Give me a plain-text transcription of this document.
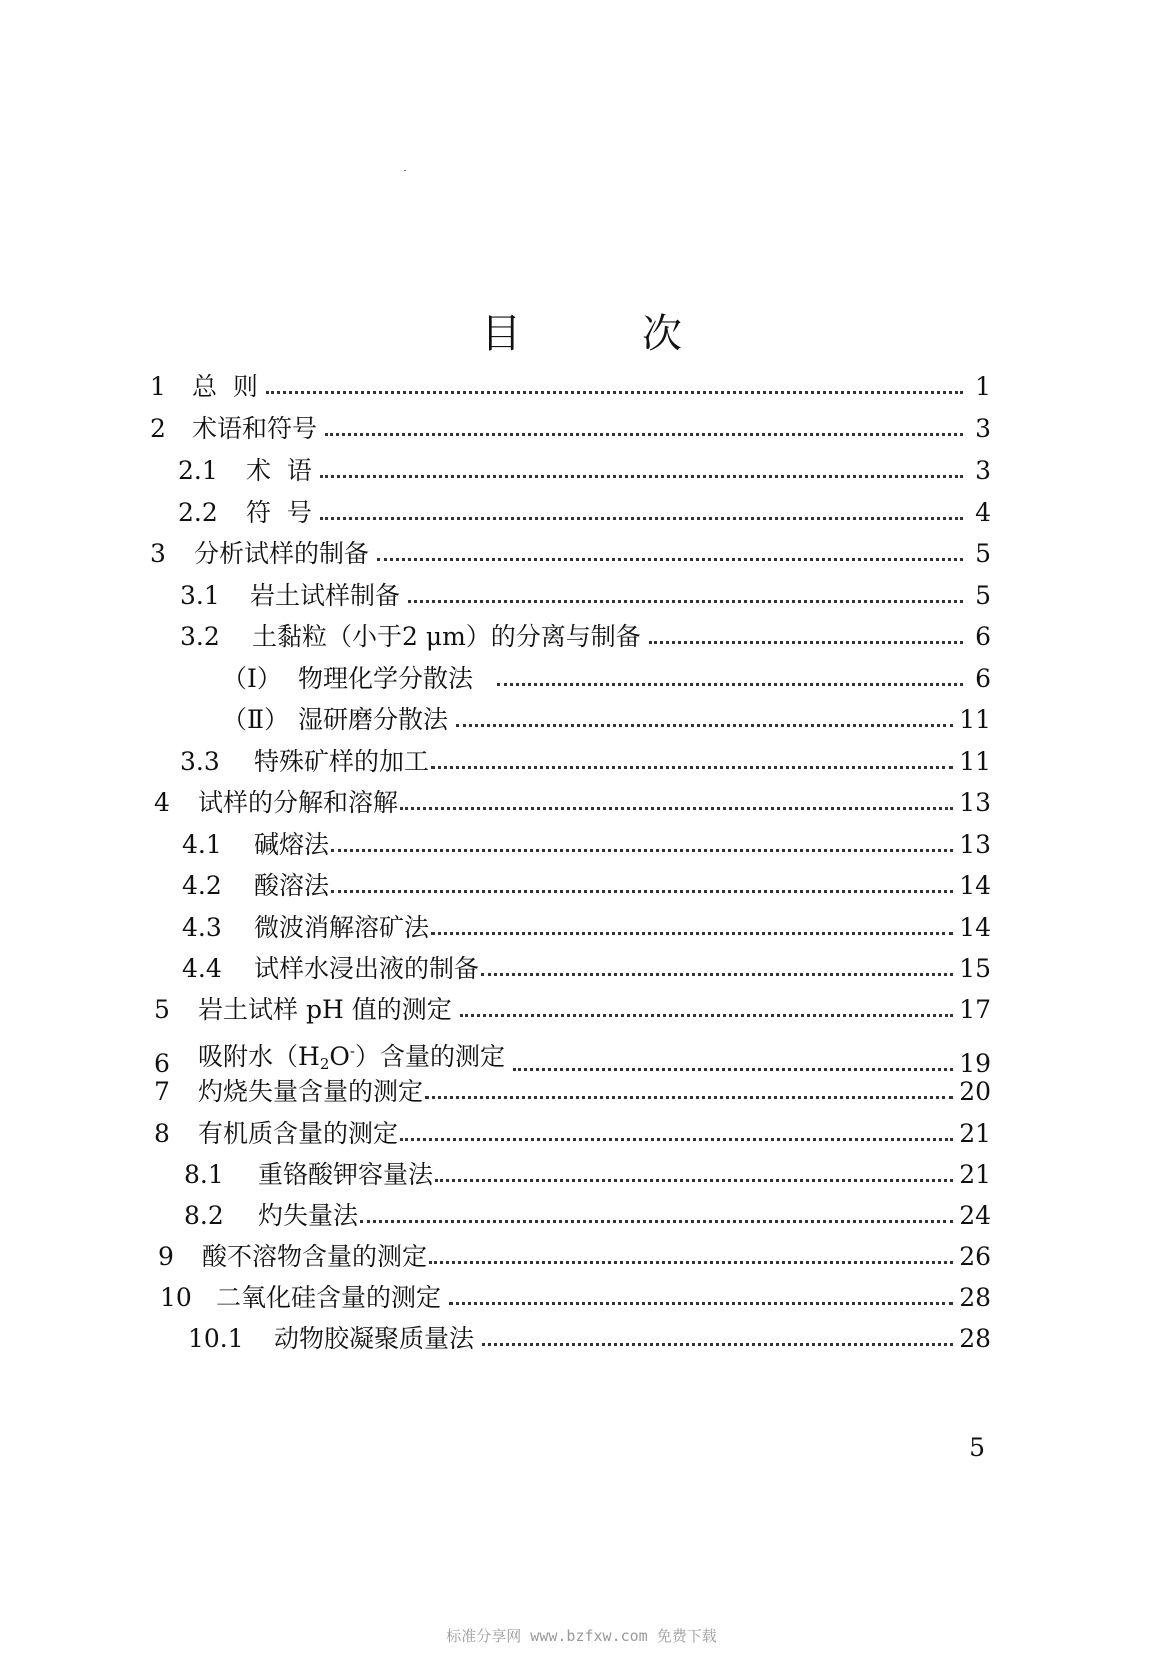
目 次
1	总  则	1
2	术语和符号	3
2.1	术  语	3
2.2	符  号	4
3	分析试样的制备	5
3.1	岩土试样制备	5
3.2	土黏粒（小于2 μm）的分离与制备	6
（Ⅰ） 物理化学分散法	6
（Ⅱ） 湿研磨分散法	11
3.3	特殊矿样的加工	11
4	试样的分解和溶解	13
4.1	碱熔法	13
4.2	酸溶法	14
4.3	微波消解溶矿法	14
4.4	试样水浸出液的制备	15
5	岩土试样 pH 值的测定	17
6	吸附水$(H_2O^-)$含量的测定	19
7	灼烧失量含量的测定	20
8	有机质含量的测定	21
8.1	重铬酸钾容量法	21
8.2	灼失量法	24
9	酸不溶物含量的测定	26
10 二氧化硅含量的测定	28
10.1	动物胶凝聚质量法	28
5
标准分享网 www.bzfxw.com 免费下载
